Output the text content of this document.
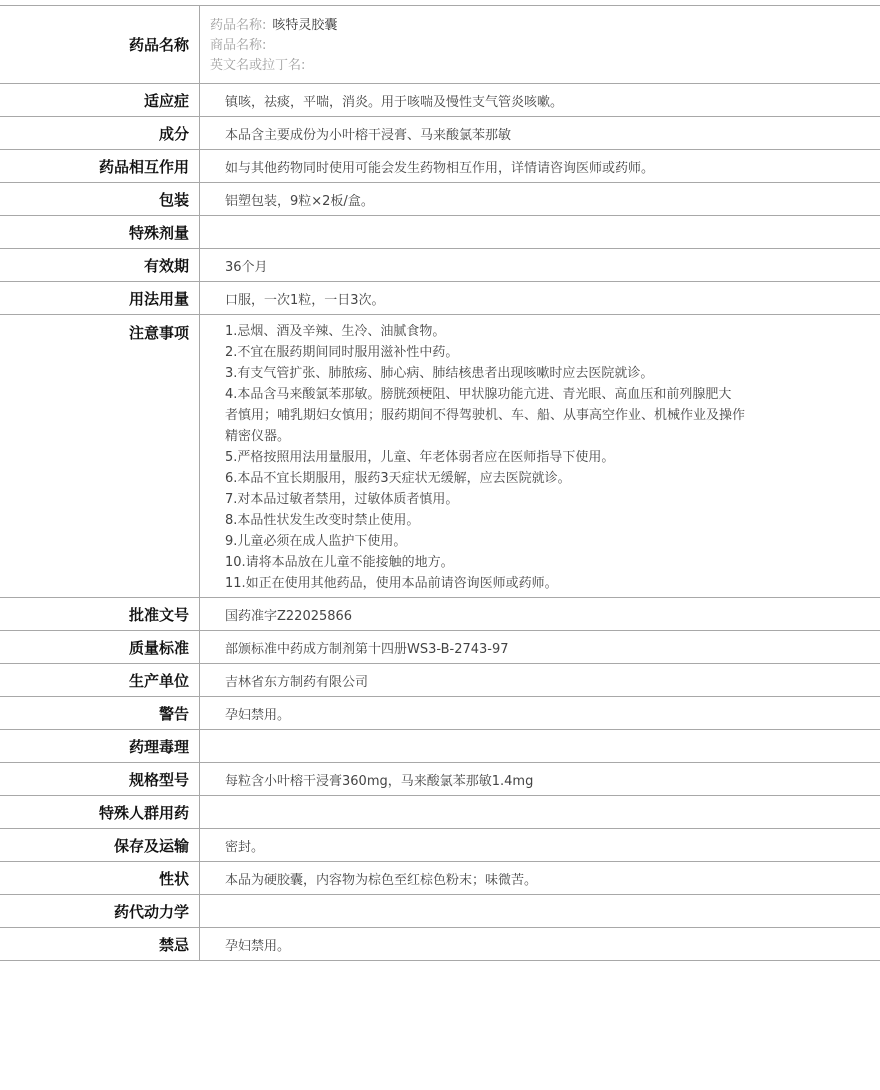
药品名称
药品名称: 咳特灵胶囊
商品名称:
英文名或拉丁名:
适应症	镇咳，祛痰，平喘，消炎。用于咳喘及慢性支气管炎咳嗽。
成分	本品含主要成份为小叶榕干浸膏、马来酸氯苯那敏
药品相互作用	如与其他药物同时使用可能会发生药物相互作用，详情请咨询医师或药师。
包装	铝塑包装，9粒×2板/盒。
特殊剂量
有效期	36个月
用法用量	口服，一次1粒，一日3次。
注意事项	1.忌烟、酒及辛辣、生冷、油腻食物。
2.不宜在服药期间同时服用滋补性中药。
3.有支气管扩张、肺脓疡、肺心病、肺结核患者出现咳嗽时应去医院就诊。
4.本品含马来酸氯苯那敏。膀胱颈梗阻、甲状腺功能亢进、青光眼、高血压和前列腺肥大
者慎用；哺乳期妇女慎用；服药期间不得驾驶机、车、船、从事高空作业、机械作业及操作
精密仪器。
5.严格按照用法用量服用，儿童、年老体弱者应在医师指导下使用。
6.本品不宜长期服用，服药3天症状无缓解，应去医院就诊。
7.对本品过敏者禁用，过敏体质者慎用。
8.本品性状发生改变时禁止使用。
9.儿童必须在成人监护下使用。
10.请将本品放在儿童不能接触的地方。
11.如正在使用其他药品，使用本品前请咨询医师或药师。
批准文号	国药准字Z22025866
质量标准	部颁标准中药成方制剂第十四册WS3-B-2743-97
生产单位	吉林省东方制药有限公司
警告	孕妇禁用。
药理毒理
规格型号	每粒含小叶榕干浸膏360mg，马来酸氯苯那敏1.4mg
特殊人群用药
保存及运输	密封。
性状	本品为硬胶囊，内容物为棕色至红棕色粉末；味微苦。
药代动力学
禁忌	孕妇禁用。
